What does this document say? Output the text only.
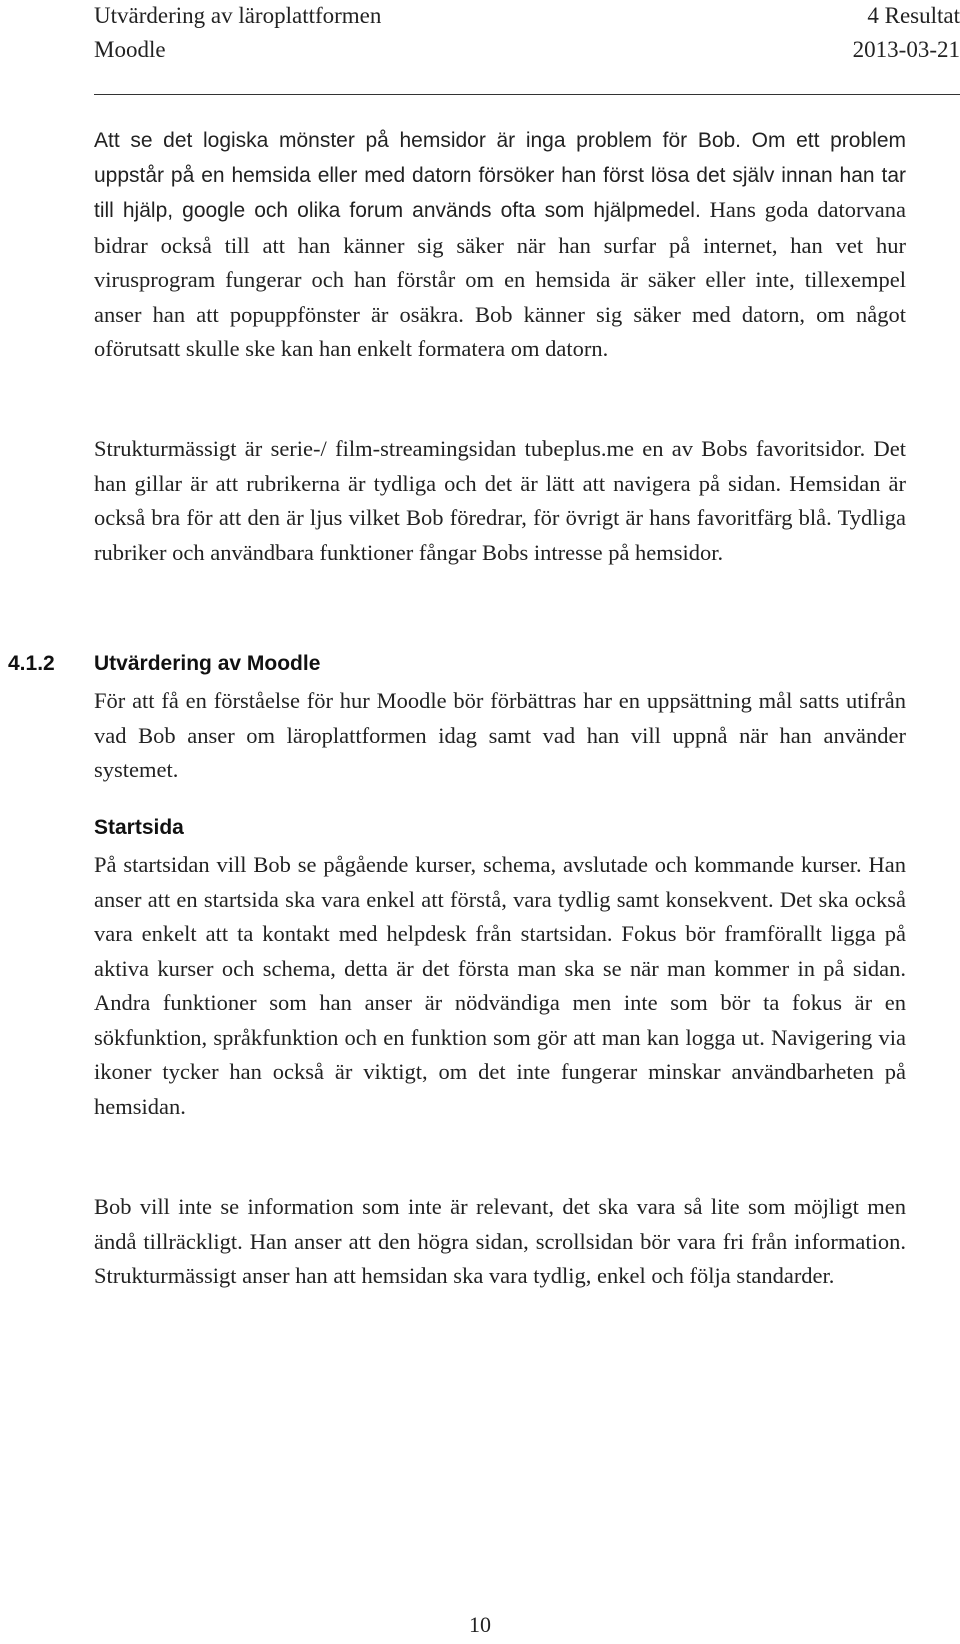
Utvärdering av läroplattformen	4 Resultat
Moodle	2013-03-21

Att se det logiska mönster på hemsidor är inga problem för Bob. Om ett problem uppstår på en hemsida eller med datorn försöker han först lösa det själv innan han tar till hjälp, google och olika forum används ofta som hjälpmedel. Hans goda datorvana bidrar också till att han känner sig säker när han surfar på internet, han vet hur virusprogram fungerar och han förstår om en hemsida är säker eller inte, tillexempel anser han att popuppfönster är osäkra. Bob känner sig säker med datorn, om något oförutsatt skulle ske kan han enkelt formatera om datorn.

Strukturmässigt är serie-/ film-streamingsidan tubeplus.me en av Bobs favoritsidor. Det han gillar är att rubrikerna är tydliga och det är lätt att navigera på sidan. Hemsidan är också bra för att den är ljus vilket Bob föredrar, för övrigt är hans favoritfärg blå. Tydliga rubriker och användbara funktioner fångar Bobs intresse på hemsidor.

4.1.2 Utvärdering av Moodle

För att få en förståelse för hur Moodle bör förbättras har en uppsättning mål satts utifrån vad Bob anser om läroplattformen idag samt vad han vill uppnå när han använder systemet.

Startsida

På startsidan vill Bob se pågående kurser, schema, avslutade och kommande kurser. Han anser att en startsida ska vara enkel att förstå, vara tydlig samt konsekvent. Det ska också vara enkelt att ta kontakt med helpdesk från startsidan. Fokus bör framförallt ligga på aktiva kurser och schema, detta är det första man ska se när man kommer in på sidan. Andra funktioner som han anser är nödvändiga men inte som bör ta fokus är en sökfunktion, språkfunktion och en funktion som gör att man kan logga ut. Navigering via ikoner tycker han också är viktigt, om det inte fungerar minskar användbarheten på hemsidan.

Bob vill inte se information som inte är relevant, det ska vara så lite som möjligt men ändå tillräckligt. Han anser att den högra sidan, scrollsidan bör vara fri från information. Strukturmässigt anser han att hemsidan ska vara tydlig, enkel och följa standarder.

10
